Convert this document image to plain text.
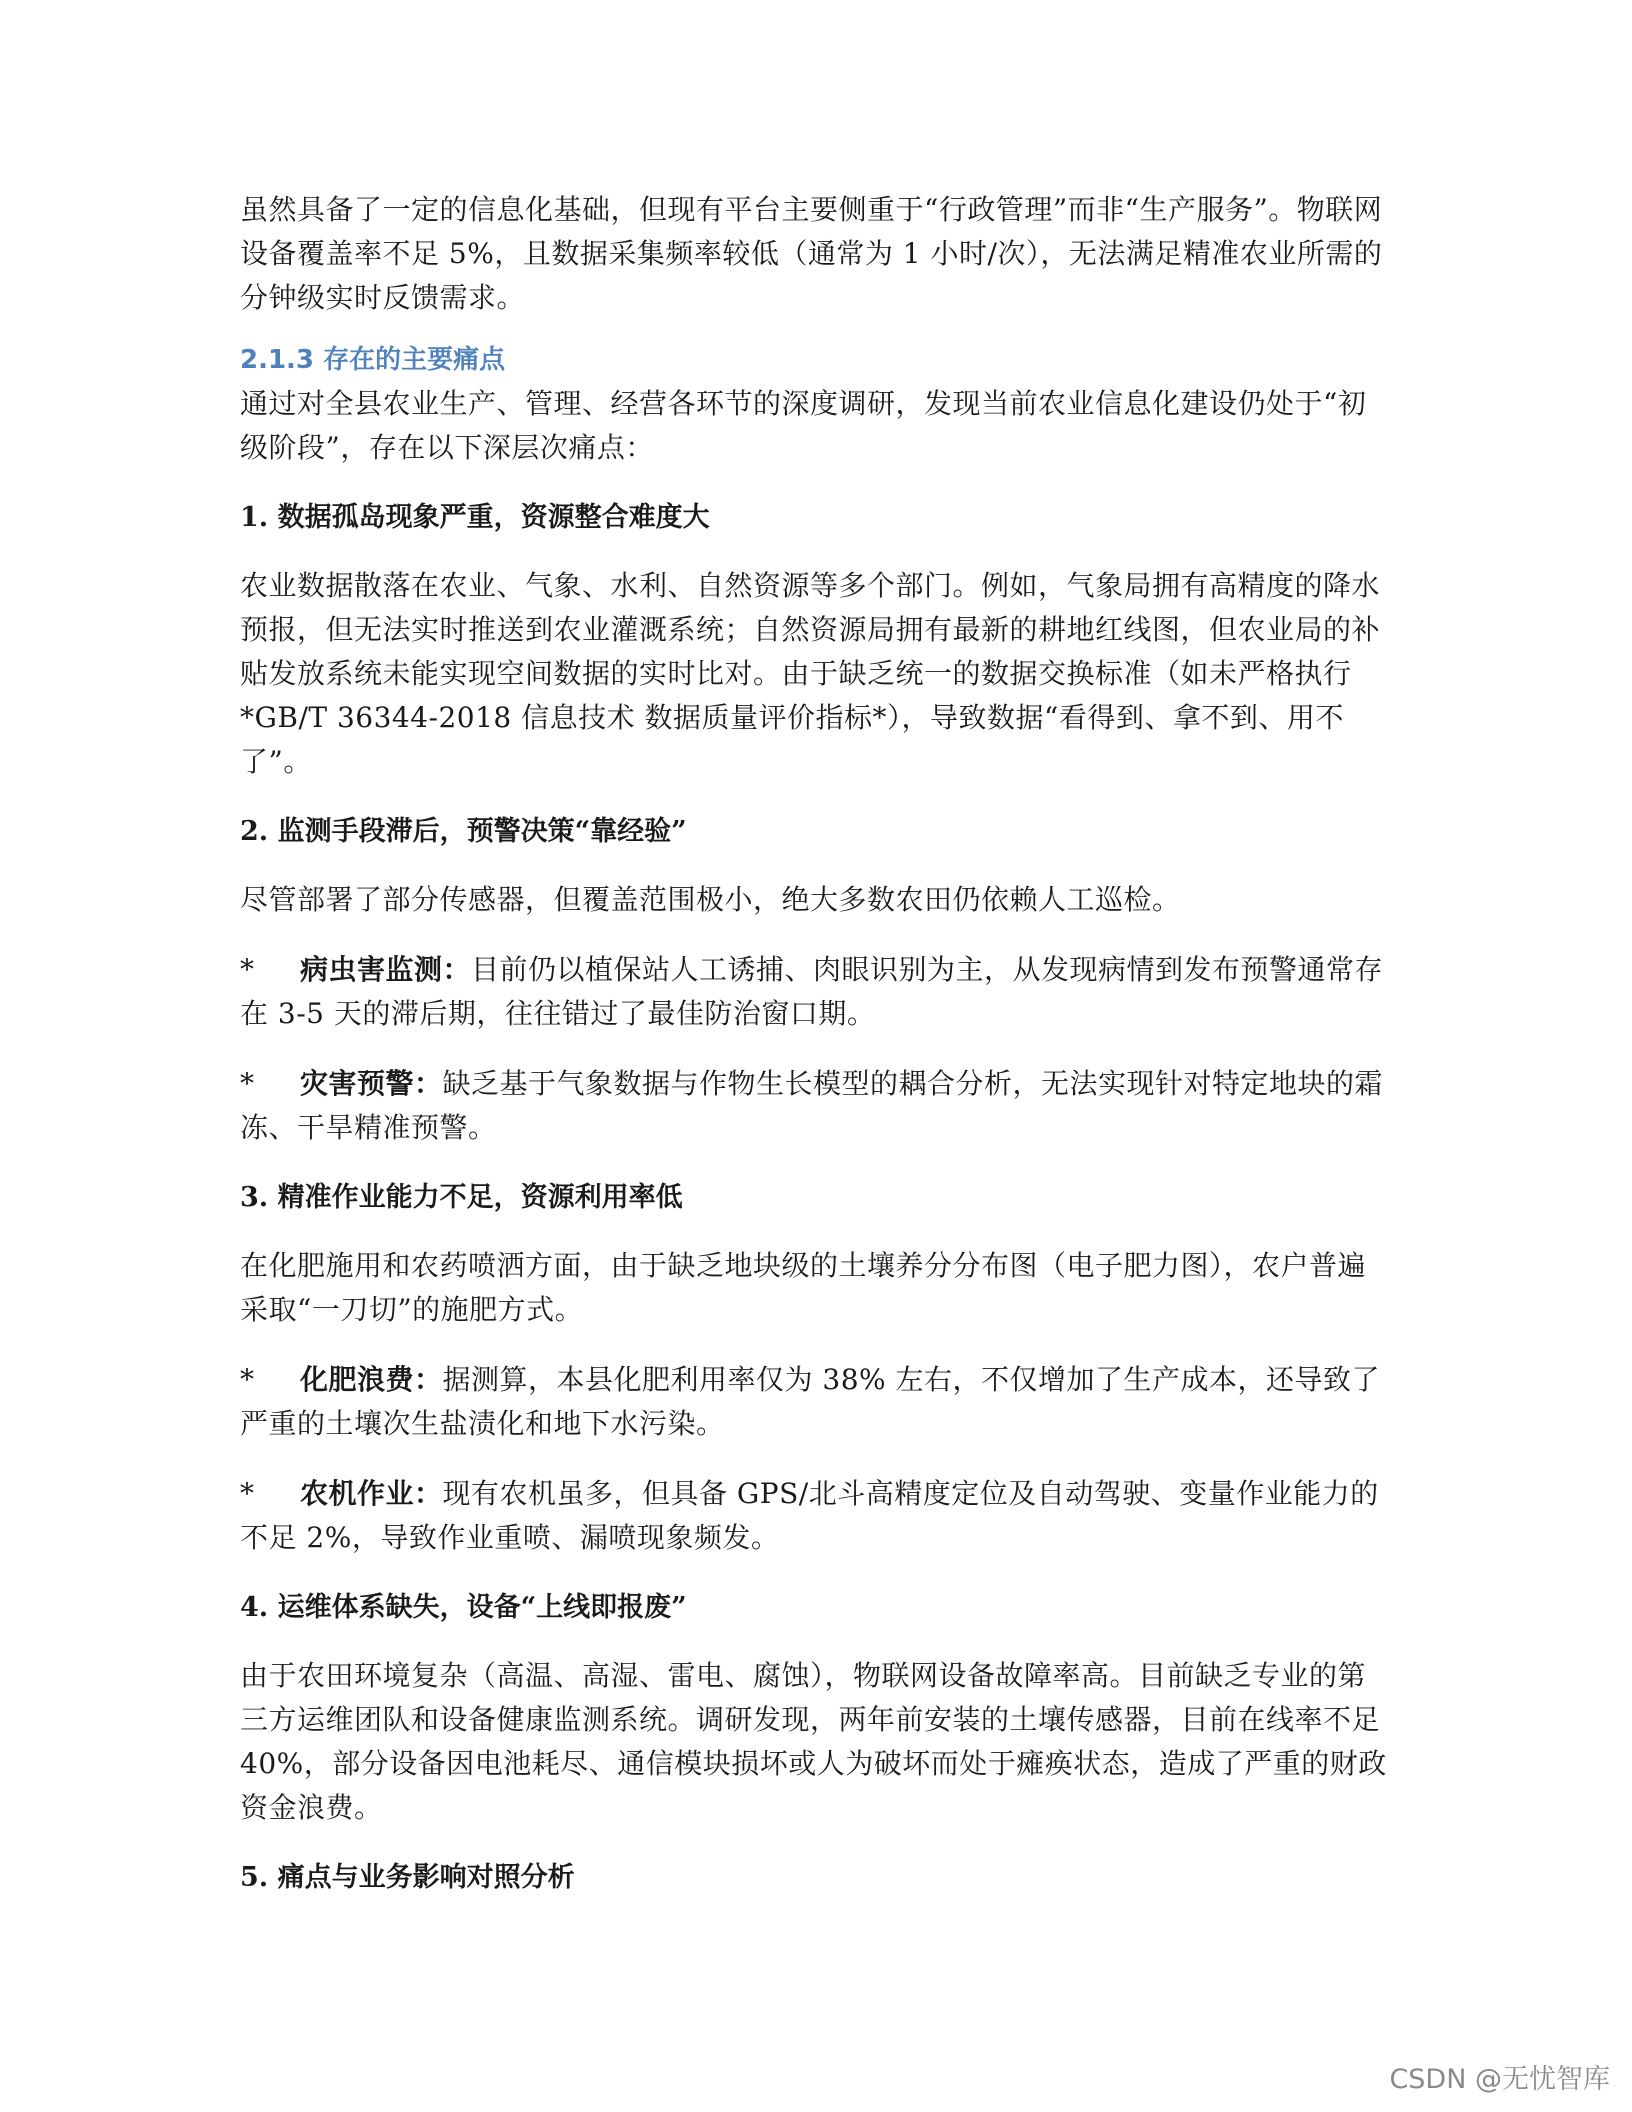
虽然具备了一定的信息化基础，但现有平台主要侧重于“行政管理”而非“生产服务”。物联网设备覆盖率不足 5%，且数据采集频率较低（通常为 1 小时/次），无法满足精准农业所需的分钟级实时反馈需求。

2.1.3 存在的主要痛点

通过对全县农业生产、管理、经营各环节的深度调研，发现当前农业信息化建设仍处于“初级阶段”，存在以下深层次痛点：

1. 数据孤岛现象严重，资源整合难度大

农业数据散落在农业、气象、水利、自然资源等多个部门。例如，气象局拥有高精度的降水预报，但无法实时推送到农业灌溉系统；自然资源局拥有最新的耕地红线图，但农业局的补贴发放系统未能实现空间数据的实时比对。由于缺乏统一的数据交换标准（如未严格执行 *GB/T 36344-2018 信息技术 数据质量评价指标*），导致数据“看得到、拿不到、用不了”。

2. 监测手段滞后，预警决策“靠经验”

尽管部署了部分传感器，但覆盖范围极小，绝大多数农田仍依赖人工巡检。

* 病虫害监测：目前仍以植保站人工诱捕、肉眼识别为主，从发现病情到发布预警通常存在 3-5 天的滞后期，往往错过了最佳防治窗口期。

* 灾害预警：缺乏基于气象数据与作物生长模型的耦合分析，无法实现针对特定地块的霜冻、干旱精准预警。

3. 精准作业能力不足，资源利用率低

在化肥施用和农药喷洒方面，由于缺乏地块级的土壤养分分布图（电子肥力图），农户普遍采取“一刀切”的施肥方式。

* 化肥浪费：据测算，本县化肥利用率仅为 38% 左右，不仅增加了生产成本，还导致了严重的土壤次生盐渍化和地下水污染。

* 农机作业：现有农机虽多，但具备 GPS/北斗高精度定位及自动驾驶、变量作业能力的不足 2%，导致作业重喷、漏喷现象频发。

4. 运维体系缺失，设备“上线即报废”

由于农田环境复杂（高温、高湿、雷电、腐蚀），物联网设备故障率高。目前缺乏专业的第三方运维团队和设备健康监测系统。调研发现，两年前安装的土壤传感器，目前在线率不足 40%，部分设备因电池耗尽、通信模块损坏或人为破坏而处于瘫痪状态，造成了严重的财政资金浪费。

5. 痛点与业务影响对照分析

CSDN @无忧智库
